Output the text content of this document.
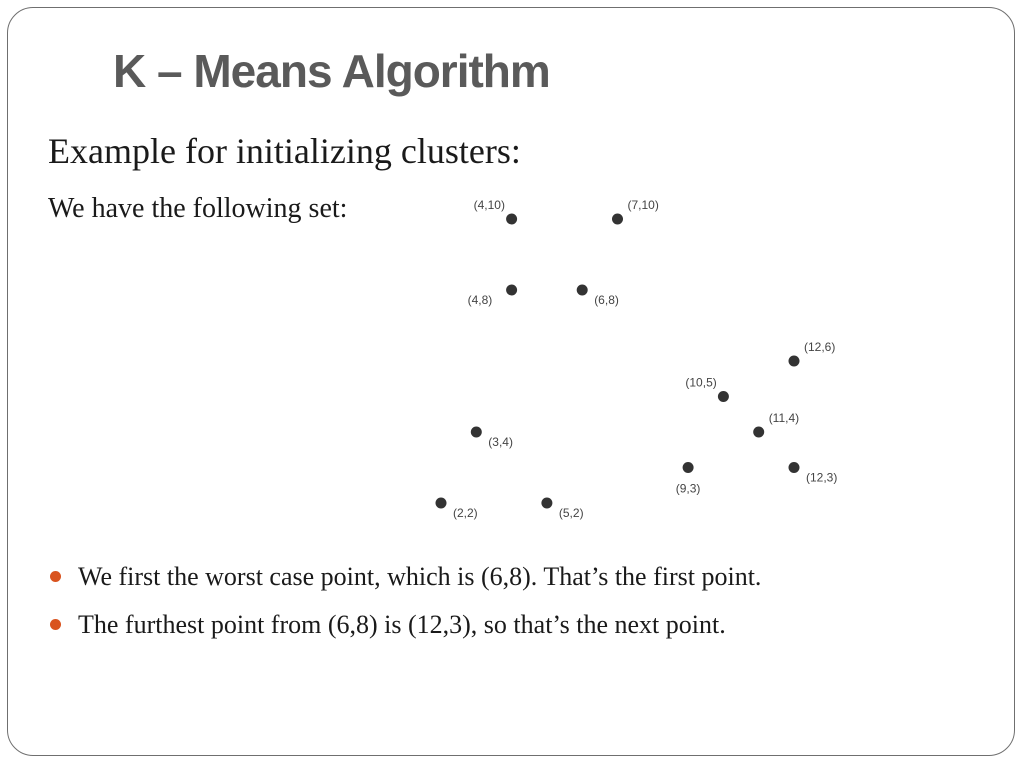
K – Means Algorithm
Example for initializing clusters:
We have the following set:	(4,10)	(7,10)
(4,8)	(6,8)
(12,6)
(10,5)
(11,4)
(3,4)
(9,3)
(12,3)
(2,2)	(5,2)
We first the worst case point, which is (6,8). That’s the first point.
The furthest point from (6,8) is (12,3), so that’s the next point.
